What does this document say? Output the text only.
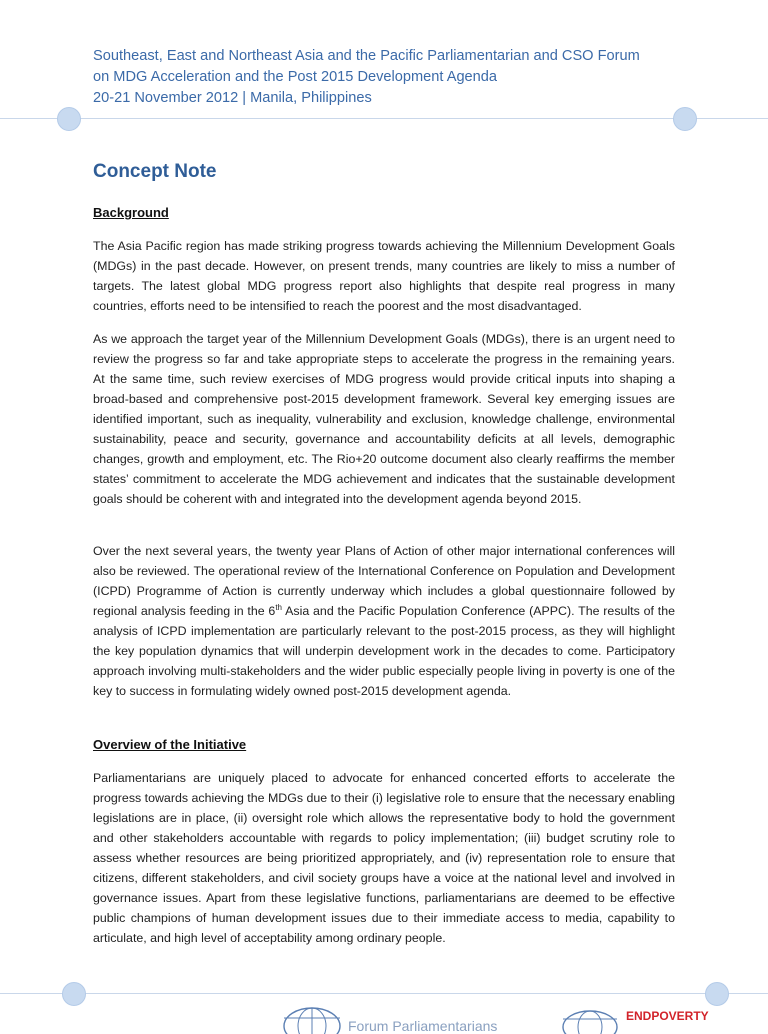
Southeast, East and Northeast Asia and the Pacific Parliamentarian and CSO Forum
on MDG Acceleration and the Post 2015 Development Agenda
20-21 November 2012 | Manila, Philippines
Concept Note
Background

The Asia Pacific region has made striking progress towards achieving the Millennium Development Goals (MDGs) in the past decade. However, on present trends, many countries are likely to miss a number of targets. The latest global MDG progress report also highlights that despite real progress in many countries, efforts need to be intensified to reach the poorest and the most disadvantaged.

As we approach the target year of the Millennium Development Goals (MDGs), there is an urgent need to review the progress so far and take appropriate steps to accelerate the progress in the remaining years. At the same time, such review exercises of MDG progress would provide critical inputs into shaping a broad-based and comprehensive post-2015 development framework. Several key emerging issues are identified important, such as inequality, vulnerability and exclusion, knowledge challenge, environmental sustainability, peace and security, governance and accountability deficits at all levels, demographic changes, growth and employment, etc. The Rio+20 outcome document also clearly reaffirms the member states’ commitment to accelerate the MDG achievement and indicates that the sustainable development goals should be coherent with and integrated into the development agenda beyond 2015.

Over the next several years, the twenty year Plans of Action of other major international conferences will also be reviewed. The operational review of the International Conference on Population and Development (ICPD) Programme of Action is currently underway which includes a global questionnaire followed by regional analysis feeding in the 6th Asia and the Pacific Population Conference (APPC). The results of the analysis of ICPD implementation are particularly relevant to the post-2015 process, as they will highlight the key population dynamics that will underpin development work in the decades to come. Participatory approach involving multi-stakeholders and the wider public especially people living in poverty is one of the key to success in formulating widely owned post-2015 development agenda.

Overview of the Initiative

Parliamentarians are uniquely placed to advocate for enhanced concerted efforts to accelerate the progress towards achieving the MDGs due to their (i) legislative role to ensure that the necessary enabling legislations are in place, (ii) oversight role which allows the representative body to hold the government and other stakeholders accountable with regards to policy implementation; (iii) budget scrutiny role to assess whether resources are being prioritized appropriately, and (iv) representation role to ensure that citizens, different stakeholders, and civil society groups have a voice at the national level and involved in governance issues. Apart from these legislative functions, parliamentarians are deemed to be effective public champions of human development issues due to their immediate access to media, capability to articulate, and high level of acceptability among ordinary people.

Forum Parliamentarians
ENDPOVERTY
